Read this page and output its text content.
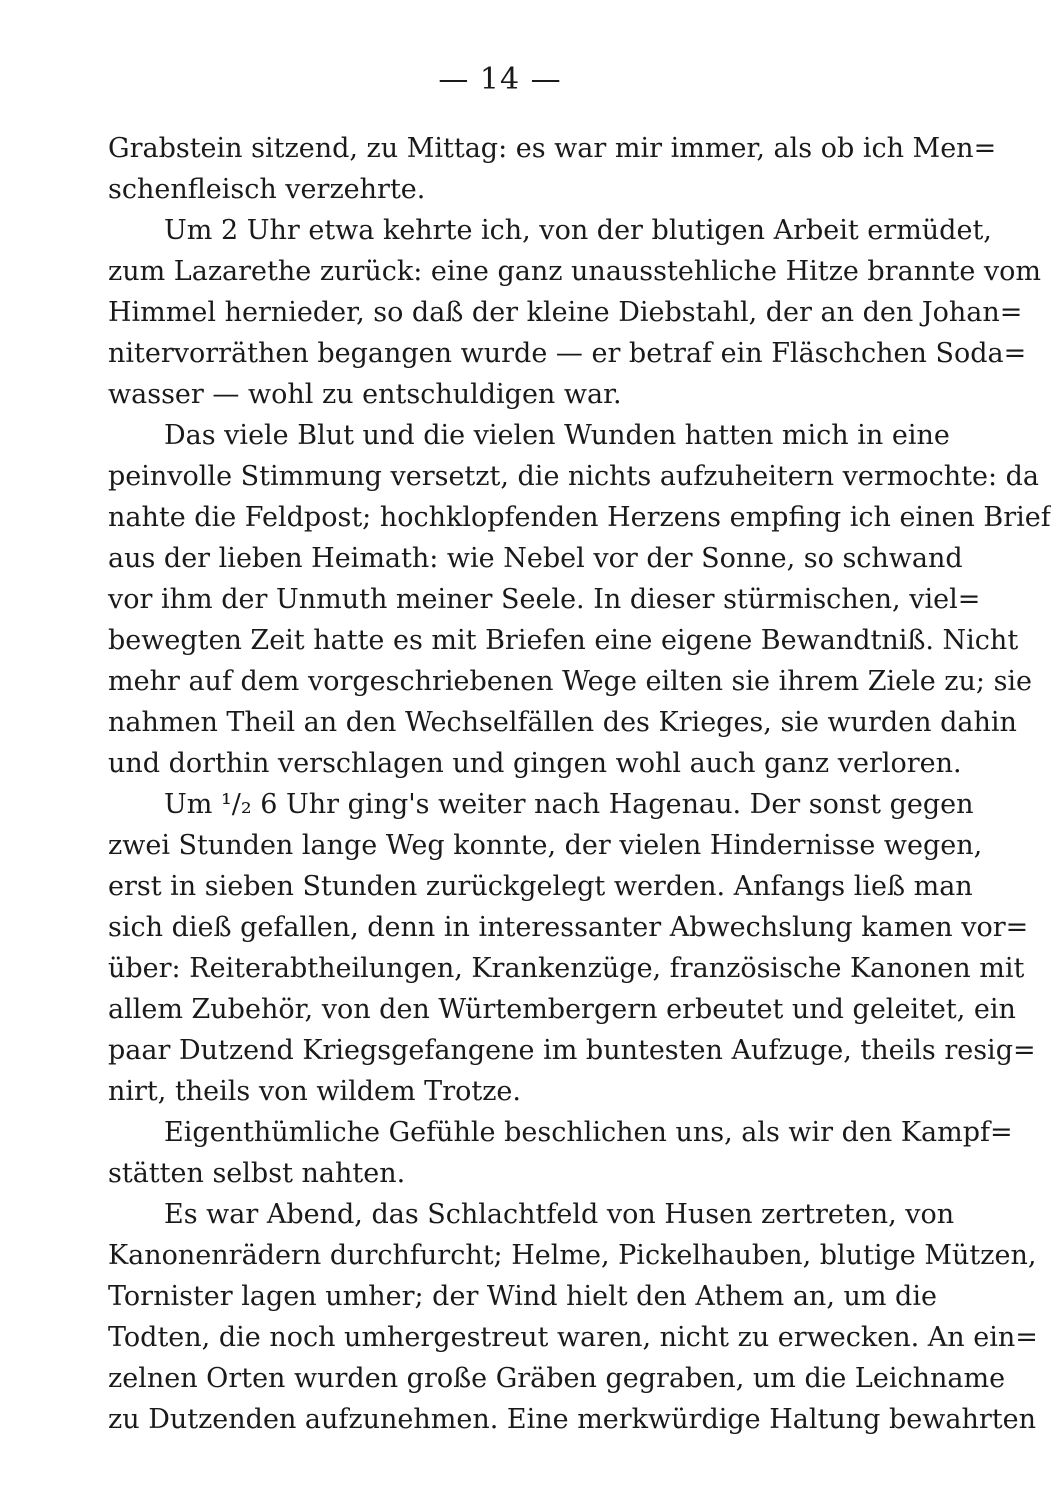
— 14 —
Grabstein sitzend, zu Mittag: es war mir immer, als ob ich Men=
schenfleisch verzehrte.
Um 2 Uhr etwa kehrte ich, von der blutigen Arbeit ermüdet,
zum Lazarethe zurück: eine ganz unausstehliche Hitze brannte vom
Himmel hernieder, so daß der kleine Diebstahl, der an den Johan=
nitervorräthen begangen wurde — er betraf ein Fläschchen Soda=
wasser — wohl zu entschuldigen war.
Das viele Blut und die vielen Wunden hatten mich in eine
peinvolle Stimmung versetzt, die nichts aufzuheitern vermochte: da
nahte die Feldpost; hochklopfenden Herzens empfing ich einen Brief
aus der lieben Heimath: wie Nebel vor der Sonne, so schwand
vor ihm der Unmuth meiner Seele. In dieser stürmischen, viel=
bewegten Zeit hatte es mit Briefen eine eigene Bewandtniß. Nicht
mehr auf dem vorgeschriebenen Wege eilten sie ihrem Ziele zu; sie
nahmen Theil an den Wechselfällen des Krieges, sie wurden dahin
und dorthin verschlagen und gingen wohl auch ganz verloren.
Um ¹/₂ 6 Uhr ging's weiter nach Hagenau. Der sonst gegen
zwei Stunden lange Weg konnte, der vielen Hindernisse wegen,
erst in sieben Stunden zurückgelegt werden. Anfangs ließ man
sich dieß gefallen, denn in interessanter Abwechslung kamen vor=
über: Reiterabtheilungen, Krankenzüge, französische Kanonen mit
allem Zubehör, von den Würtembergern erbeutet und geleitet, ein
paar Dutzend Kriegsgefangene im buntesten Aufzuge, theils resig=
nirt, theils von wildem Trotze.
Eigenthümliche Gefühle beschlichen uns, als wir den Kampf=
stätten selbst nahten.
Es war Abend, das Schlachtfeld von Husen zertreten, von
Kanonenrädern durchfurcht; Helme, Pickelhauben, blutige Mützen,
Tornister lagen umher; der Wind hielt den Athem an, um die
Todten, die noch umhergestreut waren, nicht zu erwecken. An ein=
zelnen Orten wurden große Gräben gegraben, um die Leichname
zu Dutzenden aufzunehmen. Eine merkwürdige Haltung bewahrten
